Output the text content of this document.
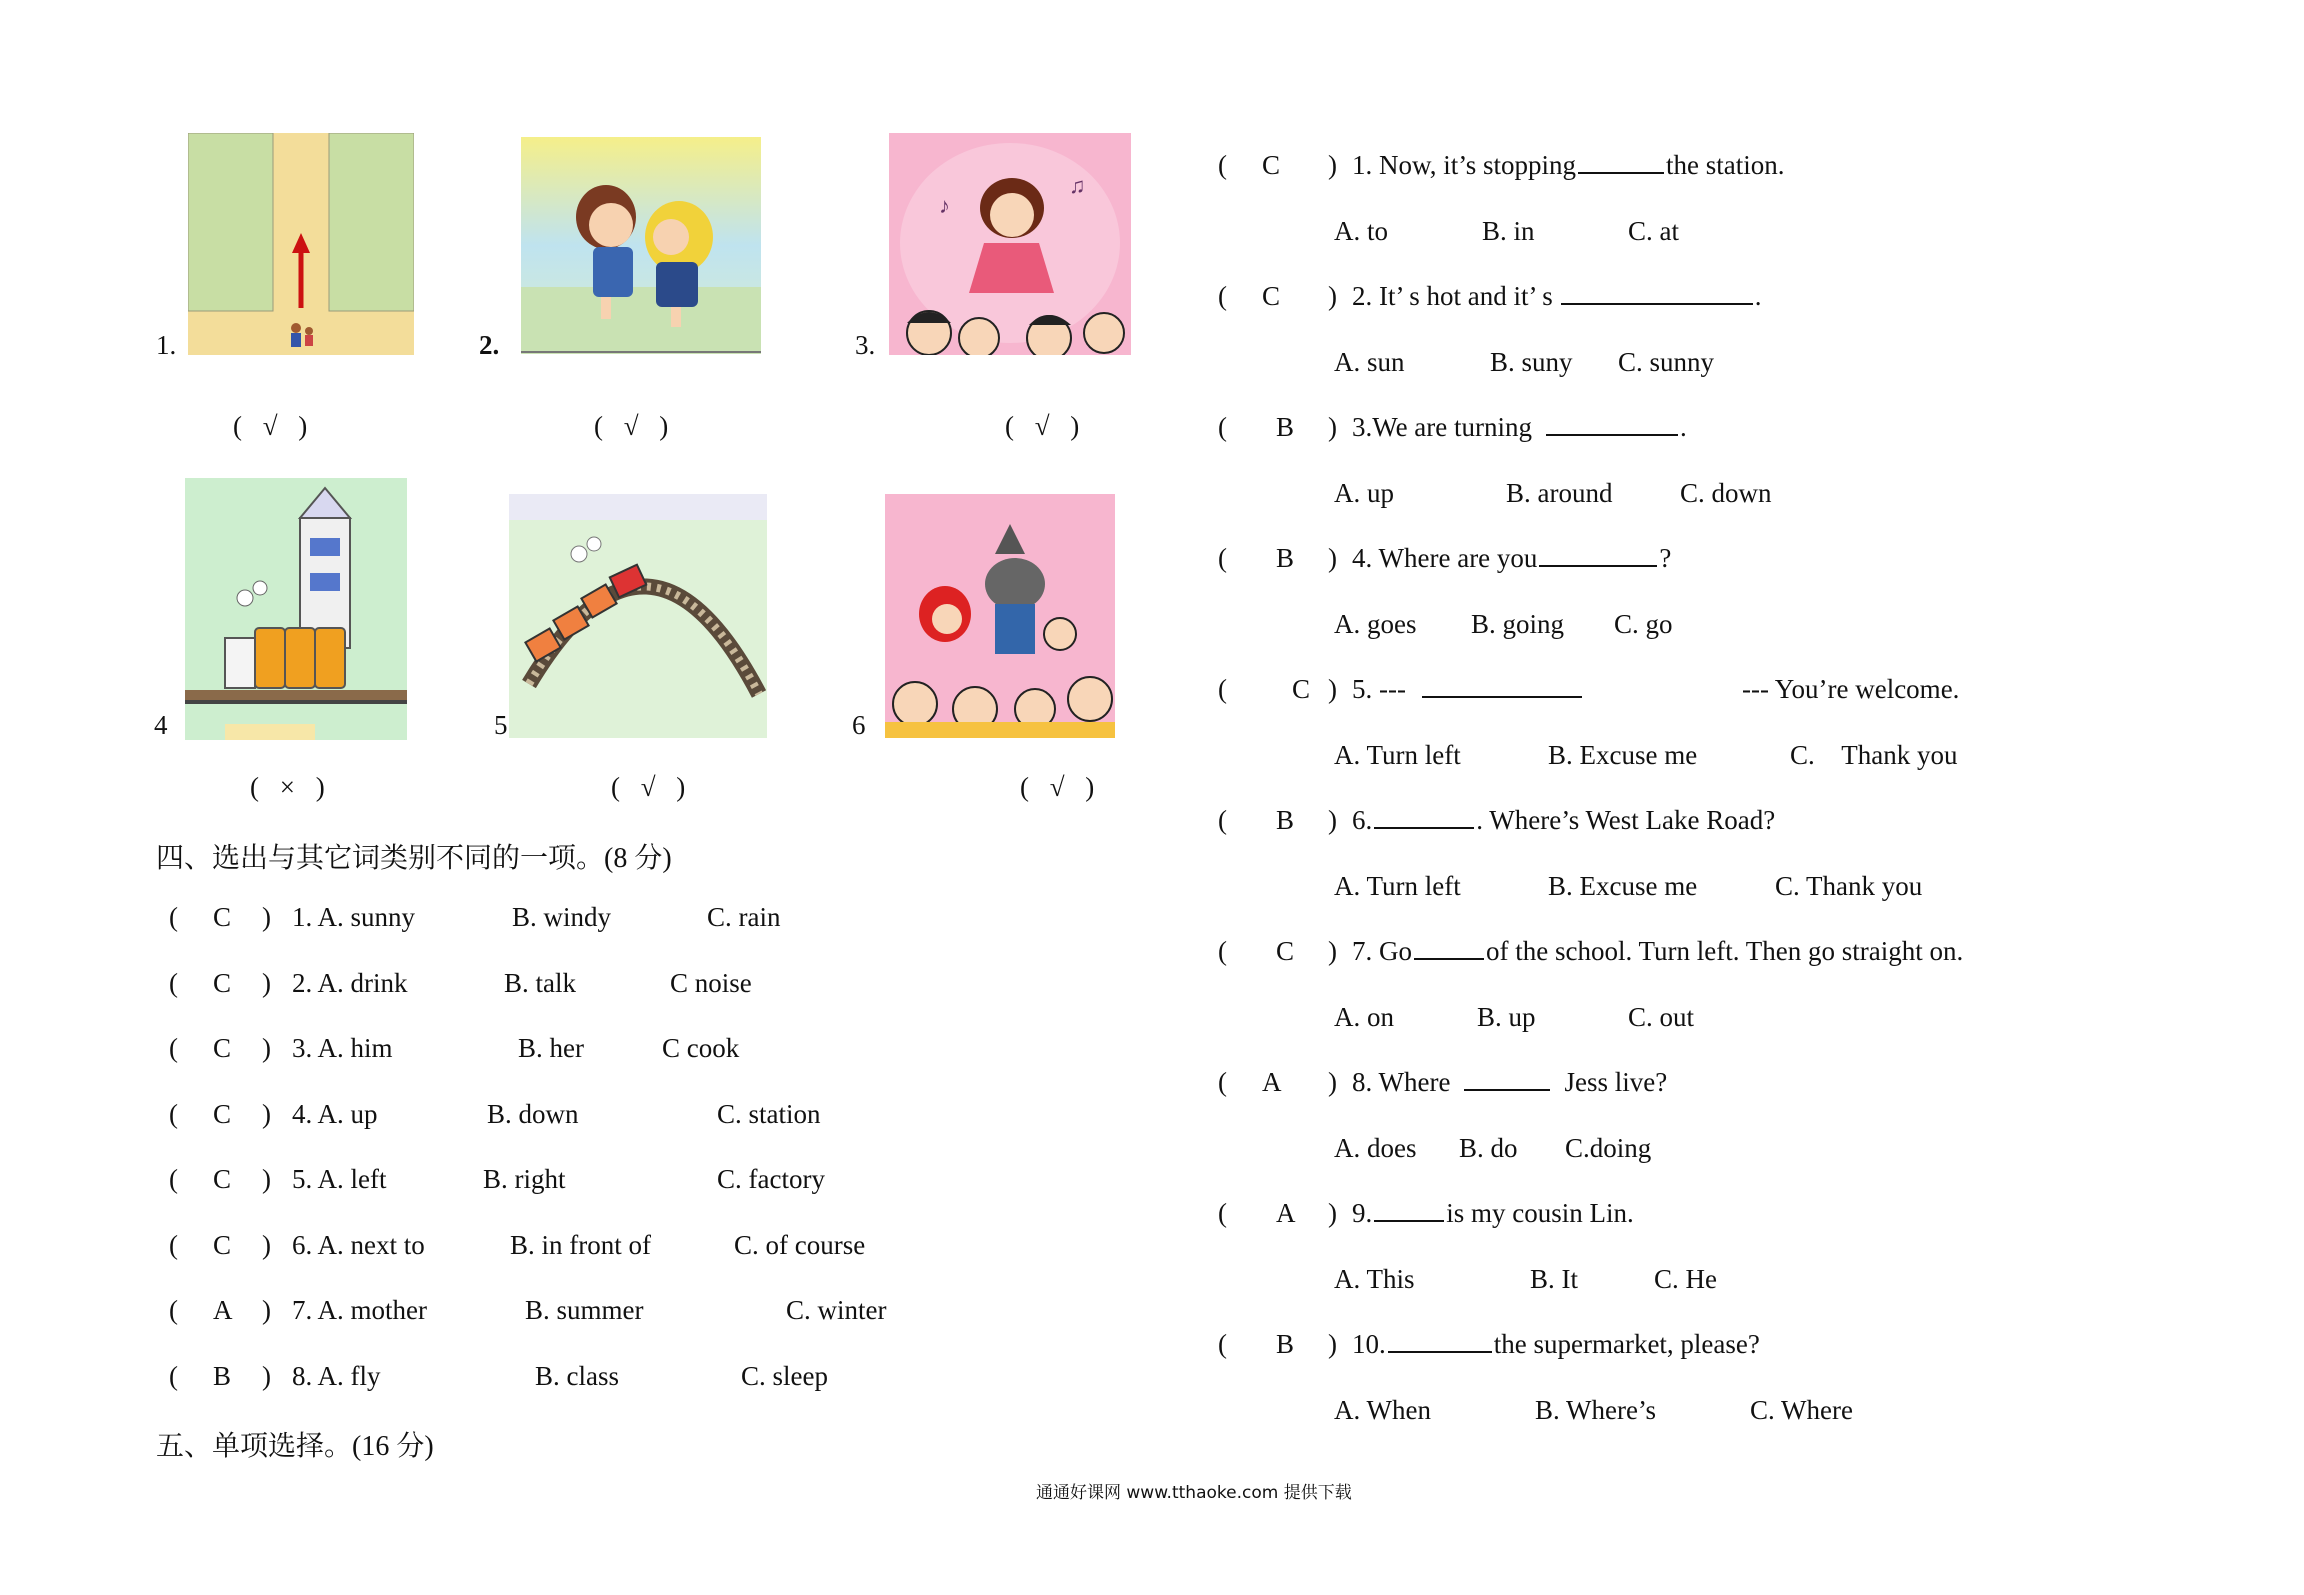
1.	2.
♪
♫
3.
4	5	6
( √ )	( √ )	( √ )
( × )	( √ )	( √ )
四、选出与其它词类别不同的一项。(8 分)
( C ) 1. A. sunny	B. windy	C. rain
( C ) 2. A. drink	B. talk	C noise
( C ) 3. A. him	B. her	C cook
( C ) 4. A. up	B. down	C. station
( C ) 5. A. left	B. right	C. factory
( C ) 6. A. next to	B. in front of	C. of course
( A ) 7. A. mother	B. summer	C. winter
( B ) 8. A. fly	B. class	C. sleep
五、单项选择。(16 分)
( C ) 1. Now, it’s stopping	the station.
A. to	B. in	C. at
( C ) 2. It’ s hot and it’ s	.
A. sun	B. suny C. sunny
( B ) 3.We are turning	.
A. up	B. around	C. down
( B ) 4. Where are you	?
A. goes B. going C. go
( C ) 5. ---	--- You’re welcome.
A. Turn left	B. Excuse me	C.    Thank you
( B ) 6.	. Where’s West Lake Road?
A. Turn left	B. Excuse me	C. Thank you
( C ) 7. Go	of the school. Turn left. Then go straight on.
A. on	B. up	C. out
( A ) 8. Where	Jess live?
A. does B. do C.doing
( A ) 9.	is my cousin Lin.
A. This	B. It	C. He
( B ) 10.	the supermarket, please?
A. When	B. Where’s	C. Where
通通好课网 www.tthaoke.com 提供下载
